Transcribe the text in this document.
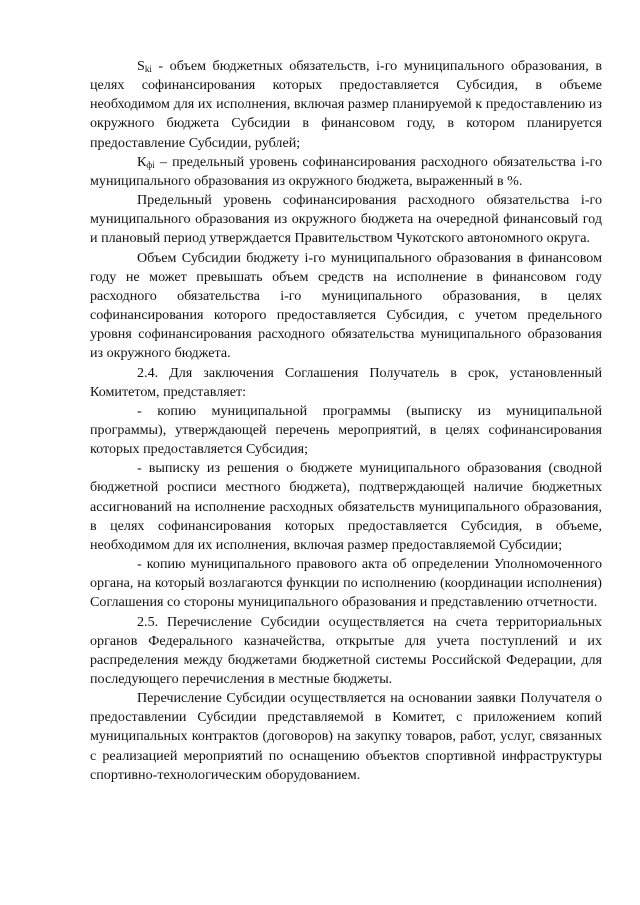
$S_{ki}$ - объем бюджетных обязательств, i-го муниципального образования, в целях софинансирования которых предоставляется Субсидия, в объеме необходимом для их исполнения, включая размер планируемой к предоставлению из окружного бюджета Субсидии в финансовом году, в котором планируется предоставление Субсидии, рублей;

$К_{фi}$ – предельный уровень софинансирования расходного обязательства i-го муниципального образования из окружного бюджета, выраженный в %.

Предельный уровень софинансирования расходного обязательства i-го муниципального образования из окружного бюджета на очередной финансовый год и плановый период утверждается Правительством Чукотского автономного округа.

Объем Субсидии бюджету i-го муниципального образования в финансовом году не может превышать объем средств на исполнение в финансовом году расходного обязательства i-го муниципального образования, в целях софинансирования которого предоставляется Субсидия, с учетом предельного уровня софинансирования расходного обязательства муниципального образования из окружного бюджета.

2.4. Для заключения Соглашения Получатель в срок, установленный Комитетом, представляет:

- копию муниципальной программы (выписку из муниципальной программы), утверждающей перечень мероприятий, в целях софинансирования которых предоставляется Субсидия;

- выписку из решения о бюджете муниципального образования (сводной бюджетной росписи местного бюджета), подтверждающей наличие бюджетных ассигнований на исполнение расходных обязательств муниципального образования, в целях софинансирования которых предоставляется Субсидия, в объеме, необходимом для их исполнения, включая размер предоставляемой Субсидии;

- копию муниципального правового акта об определении Уполномоченного органа, на который возлагаются функции по исполнению (координации исполнения) Соглашения со стороны муниципального образования и представлению отчетности.

2.5. Перечисление Субсидии осуществляется на счета территориальных органов Федерального казначейства, открытые для учета поступлений и их распределения между бюджетами бюджетной системы Российской Федерации, для последующего перечисления в местные бюджеты.

Перечисление Субсидии осуществляется на основании заявки Получателя о предоставлении Субсидии представляемой в Комитет, с приложением копий муниципальных контрактов (договоров) на закупку товаров, работ, услуг, связанных с реализацией мероприятий по оснащению объектов спортивной инфраструктуры спортивно-технологическим оборудованием.
